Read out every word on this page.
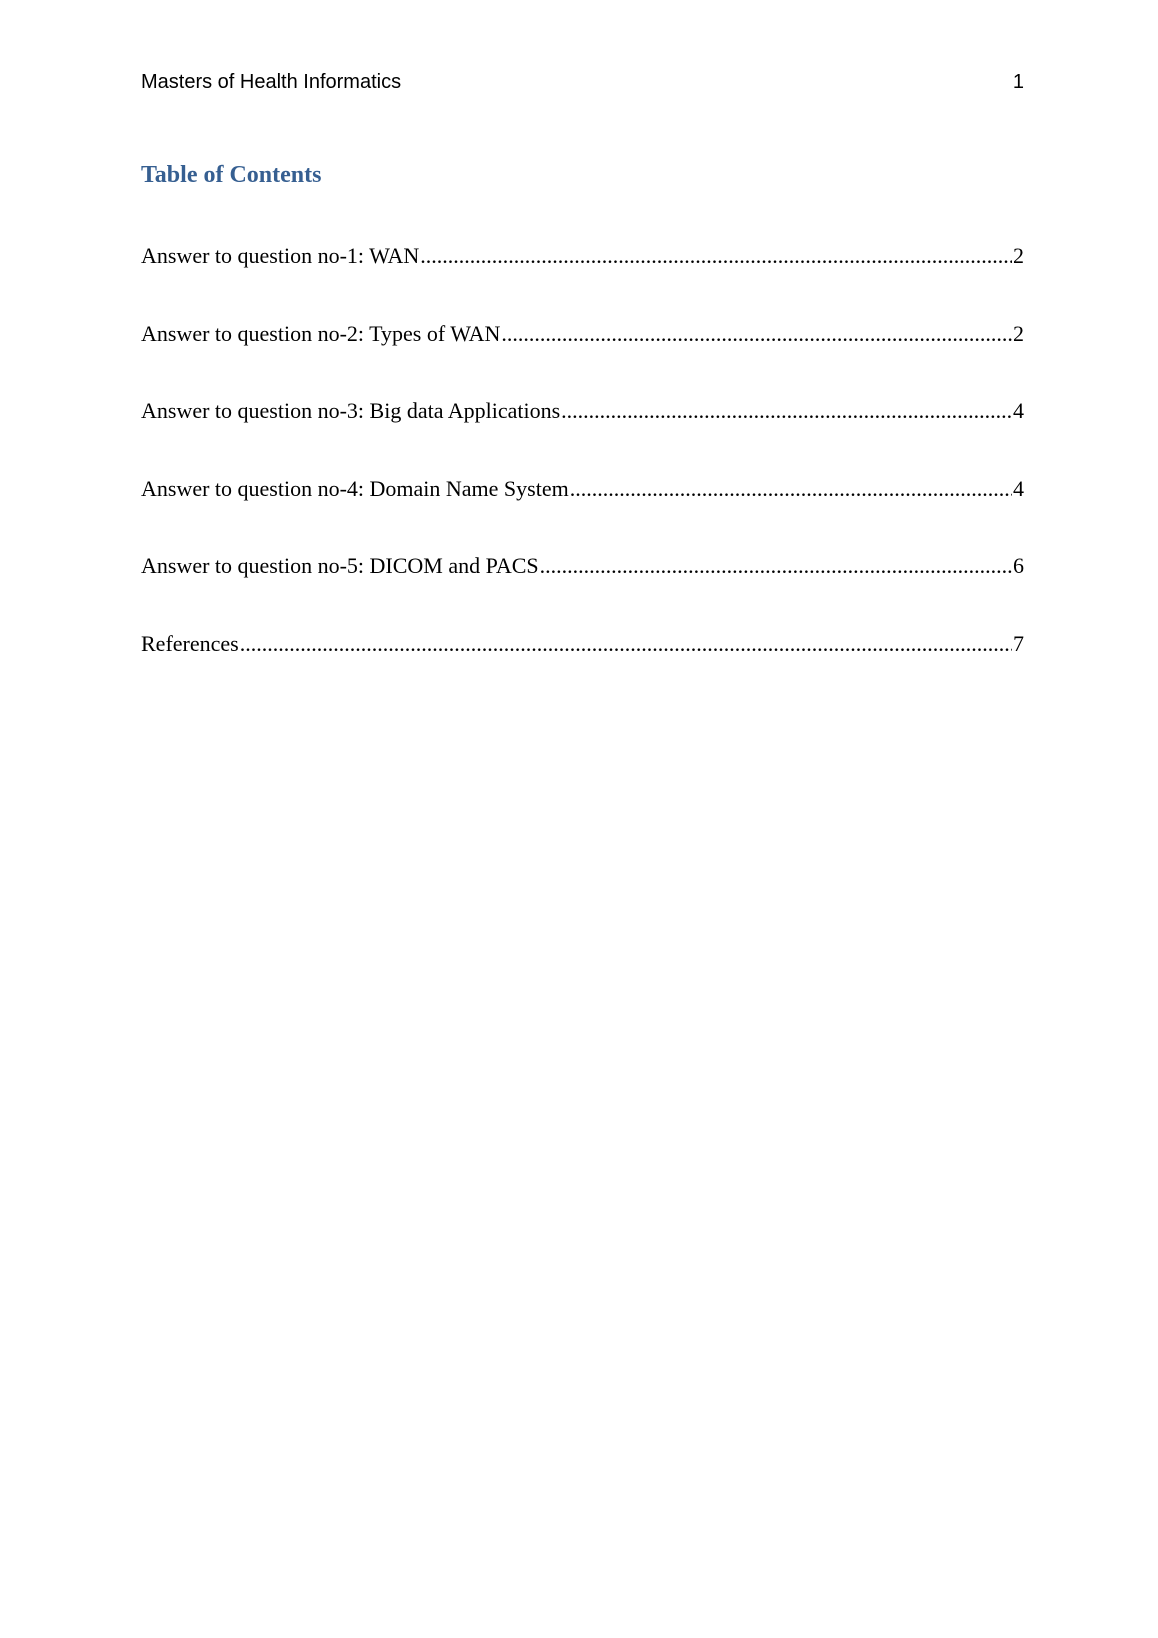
Masters of Health Informatics	1
Table of Contents
Answer to question no-1: WAN .....	2
Answer to question no-2: Types of WAN .....	2
Answer to question no-3: Big data Applications .....	4
Answer to question no-4: Domain Name System .....	4
Answer to question no-5: DICOM and PACS .....	6
References .....	7
